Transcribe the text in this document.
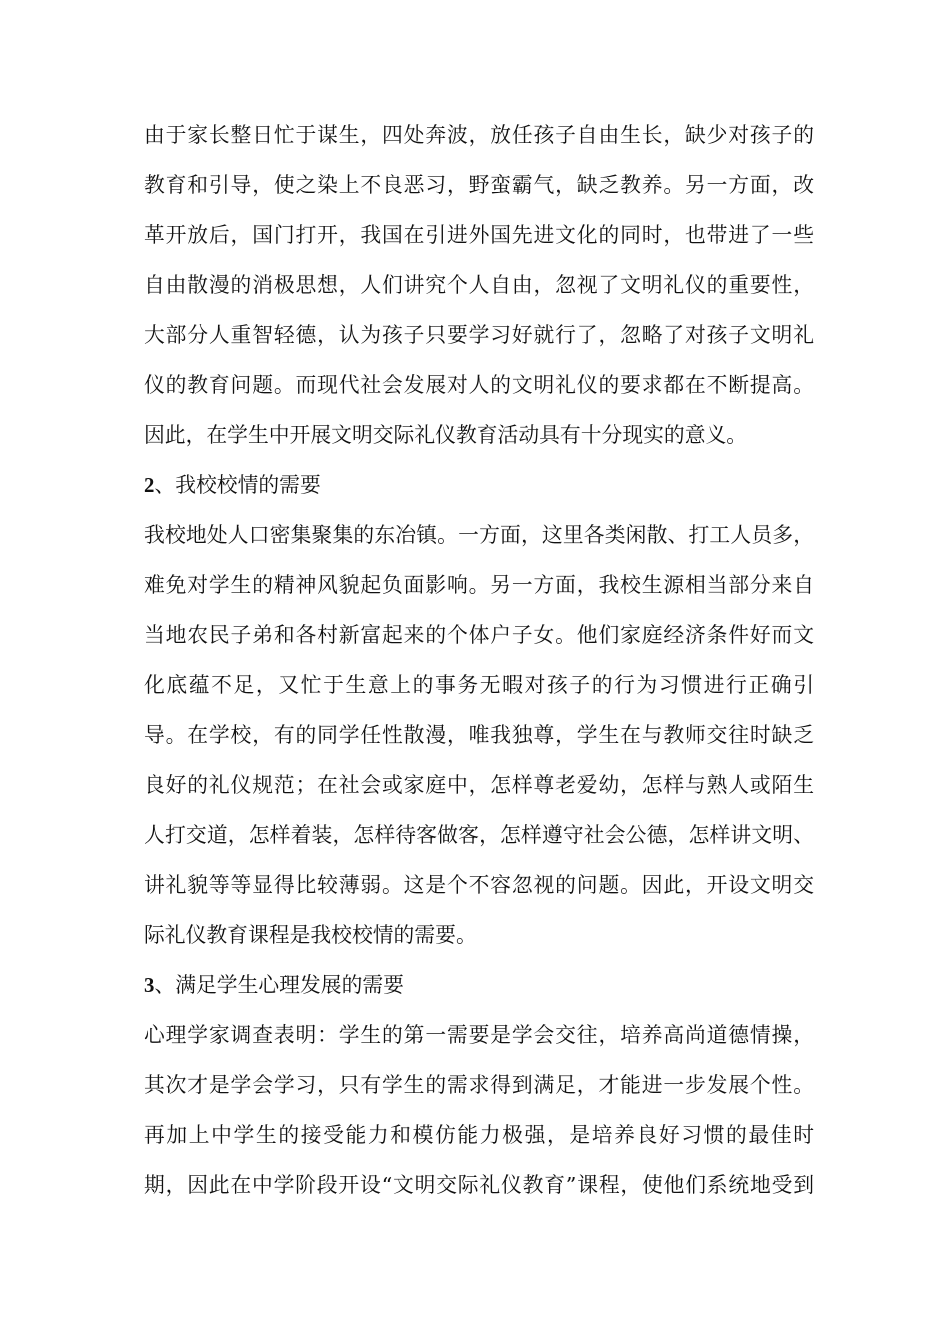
由于家长整日忙于谋生，四处奔波，放任孩子自由生长，缺少对孩子的
教育和引导，使之染上不良恶习，野蛮霸气，缺乏教养。另一方面，改
革开放后，国门打开，我国在引进外国先进文化的同时，也带进了一些
自由散漫的消极思想，人们讲究个人自由，忽视了文明礼仪的重要性，
大部分人重智轻德，认为孩子只要学习好就行了，忽略了对孩子文明礼
仪的教育问题。而现代社会发展对人的文明礼仪的要求都在不断提高。
因此，在学生中开展文明交际礼仪教育活动具有十分现实的意义。
2、我校校情的需要
我校地处人口密集聚集的东冶镇。一方面，这里各类闲散、打工人员多，
难免对学生的精神风貌起负面影响。另一方面，我校生源相当部分来自
当地农民子弟和各村新富起来的个体户子女。他们家庭经济条件好而文
化底蕴不足，又忙于生意上的事务无暇对孩子的行为习惯进行正确引
导。在学校，有的同学任性散漫，唯我独尊，学生在与教师交往时缺乏
良好的礼仪规范；在社会或家庭中，怎样尊老爱幼，怎样与熟人或陌生
人打交道，怎样着装，怎样待客做客，怎样遵守社会公德，怎样讲文明、
讲礼貌等等显得比较薄弱。这是个不容忽视的问题。因此，开设文明交
际礼仪教育课程是我校校情的需要。
3、满足学生心理发展的需要
心理学家调查表明：学生的第一需要是学会交往，培养高尚道德情操，
其次才是学会学习，只有学生的需求得到满足，才能进一步发展个性。
再加上中学生的接受能力和模仿能力极强，是培养良好习惯的最佳时
期，因此在中学阶段开设“文明交际礼仪教育”课程，使他们系统地受到
